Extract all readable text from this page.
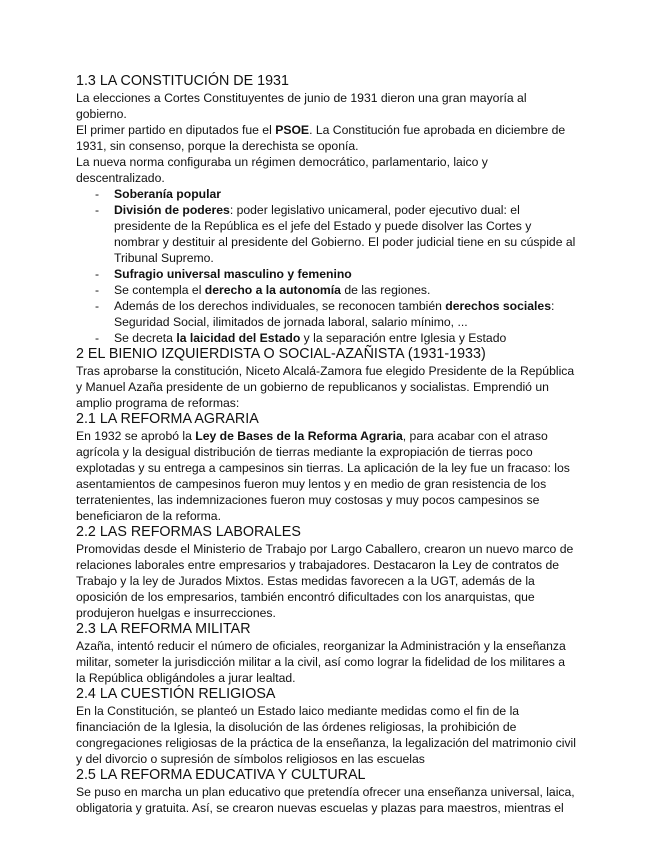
1.3 LA CONSTITUCIÓN DE 1931

La elecciones a Cortes Constituyentes de junio de 1931 dieron una gran mayoría al gobierno.

El primer partido en diputados fue el PSOE. La Constitución fue aprobada en diciembre de 1931, sin consenso, porque la derechista se oponía.

La nueva norma configuraba un régimen democrático, parlamentario, laico y descentralizado.

- Soberanía popular
- División de poderes: poder legislativo unicameral, poder ejecutivo dual: el presidente de la República es el jefe del Estado y puede disolver las Cortes y nombrar y destituir al presidente del Gobierno. El poder judicial tiene en su cúspide al Tribunal Supremo.
- Sufragio universal masculino y femenino
- Se contempla el derecho a la autonomía de las regiones.
- Además de los derechos individuales, se reconocen también derechos sociales: Seguridad Social, ilimitados de jornada laboral, salario mínimo, ...
- Se decreta la laicidad del Estado y la separación entre Iglesia y Estado
2 EL BIENIO IZQUIERDISTA O SOCIAL-AZAÑISTA (1931-1933)

Tras aprobarse la constitución, Niceto Alcalá-Zamora fue elegido Presidente de la República y Manuel Azaña presidente de un gobierno de republicanos y socialistas. Emprendió un amplio programa de reformas:

2.1 LA REFORMA AGRARIA

En 1932 se aprobó la Ley de Bases de la Reforma Agraria, para acabar con el atraso agrícola y la desigual distribución de tierras mediante la expropiación de tierras poco explotadas y su entrega a campesinos sin tierras. La aplicación de la ley fue un fracaso: los asentamientos de campesinos fueron muy lentos y en medio de gran resistencia de los terratenientes, las indemnizaciones fueron muy costosas y muy pocos campesinos se beneficiaron de la reforma.

2.2 LAS REFORMAS LABORALES

Promovidas desde el Ministerio de Trabajo por Largo Caballero, crearon un nuevo marco de relaciones laborales entre empresarios y trabajadores. Destacaron la Ley de contratos de Trabajo y la ley de Jurados Mixtos. Estas medidas favorecen a la UGT, además de la oposición de los empresarios, también encontró dificultades con los anarquistas, que produjeron huelgas e insurrecciones.

2.3 LA REFORMA MILITAR

Azaña, intentó reducir el número de oficiales, reorganizar la Administración y la enseñanza militar, someter la jurisdicción militar a la civil, así como lograr la fidelidad de los militares a la República obligándoles a jurar lealtad.

2.4 LA CUESTIÓN RELIGIOSA

En la Constitución, se planteó un Estado laico mediante medidas como el fin de la financiación de la Iglesia, la disolución de las órdenes religiosas, la prohibición de congregaciones religiosas de la práctica de la enseñanza, la legalización del matrimonio civil y del divorcio o supresión de símbolos religiosos en las escuelas

2.5 LA REFORMA EDUCATIVA Y CULTURAL

Se puso en marcha un plan educativo que pretendía ofrecer una enseñanza universal, laica, obligatoria y gratuita. Así, se crearon nuevas escuelas y plazas para maestros, mientras el
